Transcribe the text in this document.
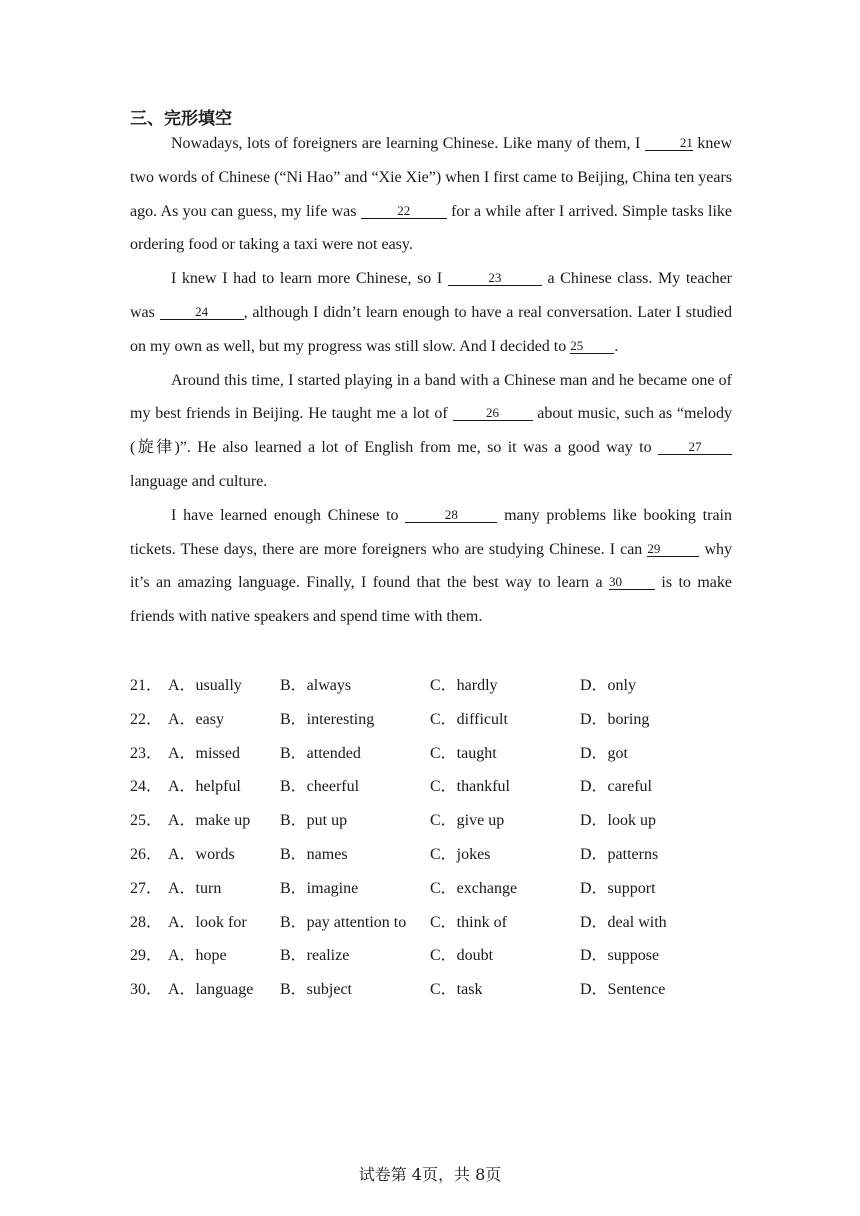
三、完形填空

Nowadays, lots of foreigners are learning Chinese. Like many of them, I	21 knew two words of Chinese (“Ni Hao” and “Xie Xie”) when I first came to Beijing, China ten years ago. As you can guess, my life was	22 for a while after I arrived. Simple tasks like ordering food or taking a taxi were not easy.

I knew I had to learn more Chinese, so I	23	a Chinese class. My teacher was	24 , although I didn’t learn enough to have a real conversation. Later I studied on my own as well, but my progress was still slow. And I decided to 25 .

Around this time, I started playing in a band with a Chinese man and he became one of my best friends in Beijing. He taught me a lot of	26 about music, such as “melody (旋律)”. He also learned a lot of English from me, so it was a good way to 27 language and culture.

I have learned enough Chinese to	28 many problems like booking train tickets. These days, there are more foreigners who are studying Chinese. I can 29 why it’s an amazing language. Finally, I found that the best way to learn a 30 is to make friends with native speakers and spend time with them.

21． A．usually B．always	C．hardly	D．only
22． A．easy	B．interesting	C．difficult	D．boring
23． A．missed B．attended	C．taught	D．got
24． A．helpful B．cheerful	C．thankful	D．careful
25． A．make up B．put up	C．give up	D．look up
26． A．words	B．names	C．jokes	D．patterns
27． A．turn	B．imagine	C．exchange	D．support
28． A．look for B．pay attention to C．think of	D．deal with
29． A．hope	B．realize	C．doubt	D．suppose
30． A．language B．subject	C．task	D．Sentence
试卷第 4页，共 8页
